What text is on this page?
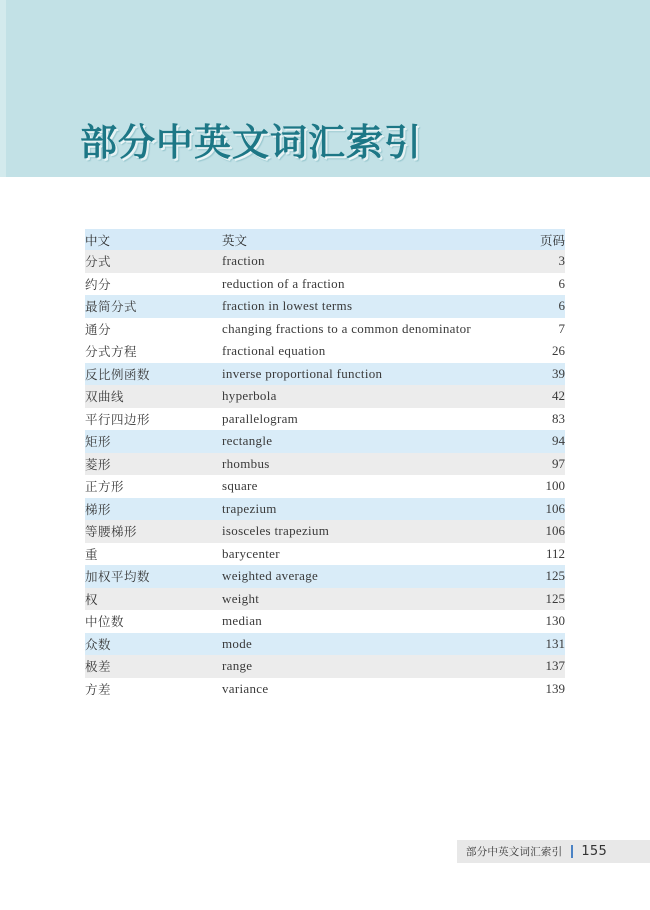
部分中英文词汇索引
中文	英文	页码
分式	fraction	3
约分	reduction of a fraction	6
最简分式	fraction in lowest terms	6
通分	changing fractions to a common denominator	7
分式方程	fractional equation	26
反比例函数	inverse proportional function	39
双曲线	hyperbola	42
平行四边形	parallelogram	83
矩形	rectangle	94
菱形	rhombus	97
正方形	square	100
梯形	trapezium	106
等腰梯形	isosceles trapezium	106
重	barycenter	112
加权平均数	weighted average	125
权	weight	125
中位数	median	130
众数	mode	131
极差	range	137
方差	variance	139
部分中英文词汇索引 155
